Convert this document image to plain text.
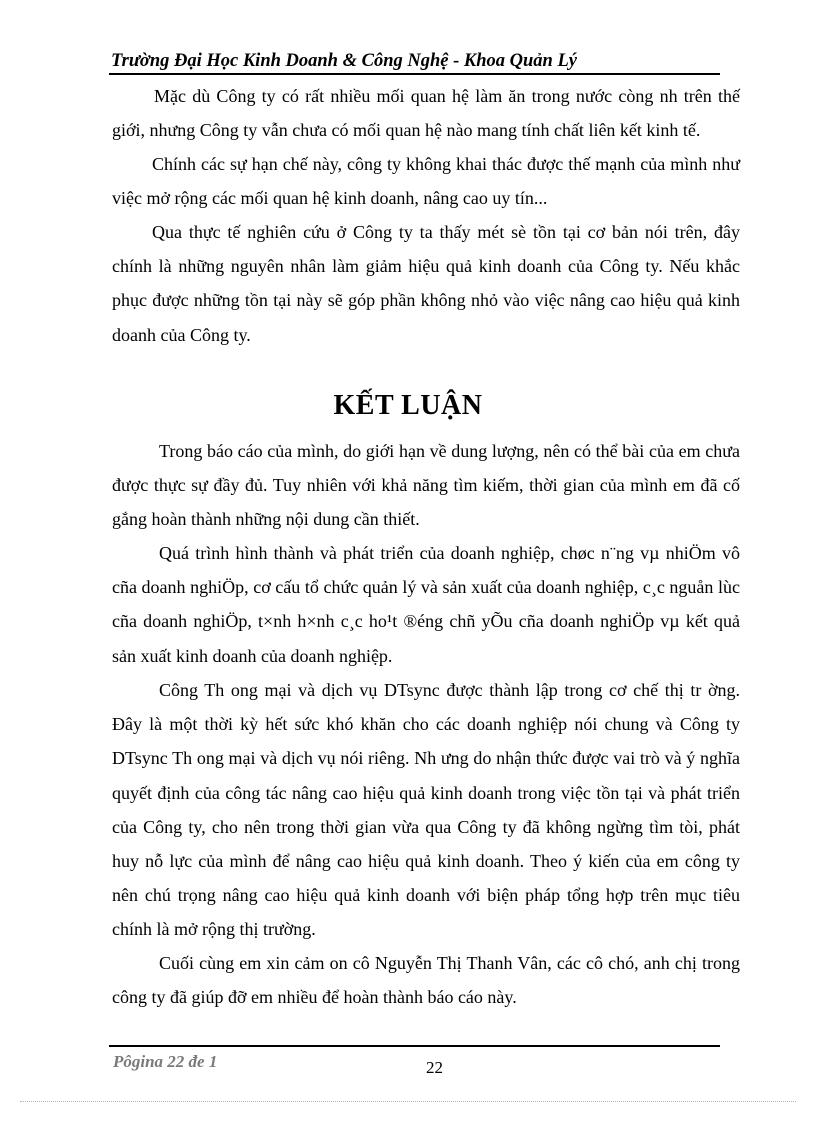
Trường Đại Học Kinh Doanh & Công Nghệ - Khoa Quản Lý

Mặc dù Công ty có rất nhiều mối quan hệ làm ăn trong nước còng nh trên thế giới, nhưng Công ty vẫn chưa có mối quan hệ nào mang tính chất liên kết kinh tế.

Chính các sự hạn chế này, công ty không khai thác được thế mạnh của mình như việc mở rộng các mối quan hệ kinh doanh, nâng cao uy tín...

Qua thực tế nghiên cứu ở Công ty ta thấy mét sè tồn tại cơ bản nói trên, đây chính là những nguyên nhân làm giảm hiệu quả kinh doanh của Công ty. Nếu khắc phục được những tồn tại này sẽ góp phần không nhỏ vào việc nâng cao hiệu quả kinh doanh của Công ty.

KẾT LUẬN

Trong báo cáo của mình, do giới hạn về dung lượng, nên có thể bài của em chưa được thực sự đầy đủ. Tuy nhiên với khả năng tìm kiếm, thời gian của mình em đã cố gắng hoàn thành những nội dung cần thiết.

Quá trình hình thành và phát triển của doanh nghiệp, chøc n¨ng vµ nhiÖm vô cña doanh nghiÖp, cơ cấu tổ chức quản lý và sản xuất của doanh nghiệp, c¸c nguån lùc cña doanh nghiÖp, t×nh h×nh c¸c ho¹t ®éng chñ yÕu cña doanh nghiÖp vµ kết quả sản xuất kinh doanh của doanh nghiệp.

Công Th ong mại và dịch vụ DTsync được thành lập trong cơ chế thị tr ờng. Đây là một thời kỳ hết sức khó khăn cho các doanh nghiệp nói chung và Công ty DTsync Th ong mại và dịch vụ nói riêng. Nh ưng do nhận thức được vai trò và ý nghĩa quyết định của công tác nâng cao hiệu quả kinh doanh trong việc tồn tại và phát triển của Công ty, cho nên trong thời gian vừa qua Công ty đã không ngừng tìm tòi, phát huy nỗ lực của mình để nâng cao hiệu quả kinh doanh. Theo ý kiến của em công ty nên chú trọng nâng cao hiệu quả kinh doanh với biện pháp tổng hợp trên mục tiêu chính là mở rộng thị trường.

Cuối cùng em xin cảm on cô Nguyễn Thị Thanh Vân, các cô chó, anh chị trong công ty đã giúp đỡ em nhiều để hoàn thành báo cáo này.

Pôgina 22 đe 1	22
